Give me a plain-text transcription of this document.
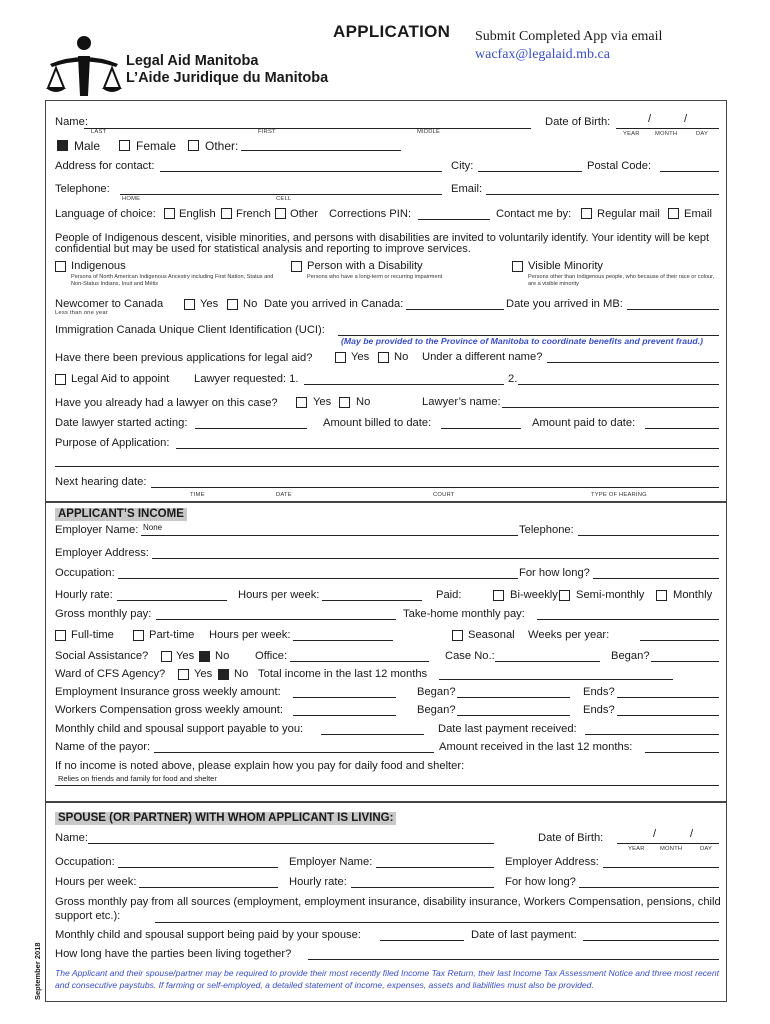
Legal Aid Manitoba
L’Aide Juridique du Manitoba
APPLICATION Submit Completed App via email
wacfax@legalaid.mb.ca
September 2018
Name:
LAST	FIRST	MIDDLE
Date of Birth:	/	/
YEAR	MONTH	DAY
Male	Female Other:
Address for contact:	City:	Postal Code:
Telephone:
HOME	CELL
Email:
Language of choice: English French Other Corrections PIN:	Contact me by: Regular mail Email
People of Indigenous descent, visible minorities, and persons with disabilities are invited to voluntarily identify. Your identity will be kept confidential but may be used for statistical analysis and reporting to improve services.
Indigenous
Persons of North American Indigenous Ancestry including First Nation, Status and Non-Status Indians, Inuit and Métis
Person with a Disability
Persons who have a long-term or recurring impairment
Visible Minority
Persons other than Indigenous people, who because of their race or colour, are a visible minority
Newcomer to Canada
Less than one year
Yes No Date you arrived in Canada:	Date you arrived in MB:
Immigration Canada Unique Client Identification (UCI):
(May be provided to the Province of Manitoba to coordinate benefits and prevent fraud.)
Have there been previous applications for legal aid?	Yes No Under a different name?
Legal Aid to appoint Lawyer requested: 1.	2.
Have you already had a lawyer on this case?	Yes No	Lawyer’s name:
Date lawyer started acting:	Amount billed to date:	Amount paid to date:
Purpose of Application:
Next hearing date:
TIME	DATE	COURT	TYPE OF HEARING
APPLICANT’S INCOME
Employer Name: None	Telephone:
Employer Address:
Occupation:	For how long?
Hourly rate:	Hours per week:	Paid:	Bi-weekly Semi-monthly	Monthly
Gross monthly pay:	Take-home monthly pay:
Full-time	Part-time Hours per week:	Seasonal Weeks per year:
Social Assistance? Yes No Office:	Case No.:	Began?
Ward of CFS Agency?	Yes No Total income in the last 12 months
Employment Insurance gross weekly amount:	Began?	Ends?
Workers Compensation gross weekly amount:	Began?	Ends?
Monthly child and spousal support payable to you:	Date last payment received:
Name of the payor:	Amount received in the last 12 months:
If no income is noted above, please explain how you pay for daily food and shelter:
Relies on friends and family for food and shelter
SPOUSE (OR PARTNER) WITH WHOM APPLICANT IS LIVING:
Name:	Date of Birth:	/	/
YEAR	MONTH	DAY
Occupation:	Employer Name:	Employer Address:
Hours per week:	Hourly rate:	For how long?
Gross monthly pay from all sources (employment, employment insurance, disability insurance, Workers Compensation, pensions, child support etc.):
Monthly child and spousal support being paid by your spouse:	Date of last payment:
How long have the parties been living together?
The Applicant and their spouse/partner may be required to provide their most recently filed Income Tax Return, their last Income Tax Assessment Notice and three most recent and consecutive paystubs. If farming or self-employed, a detailed statement of income, expenses, assets and liabilities must also be provided.
